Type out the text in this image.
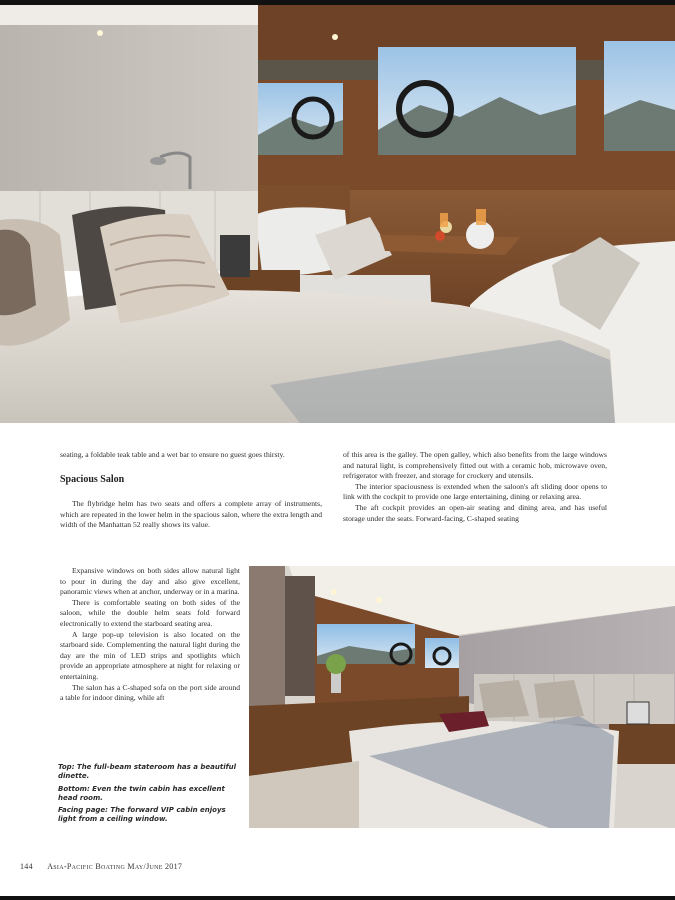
seating, a foldable teak table and a wet bar to ensure no guest goes thirsty.

Spacious Salon

The flybridge helm has two seats and offers a complete array of instruments, which are repeated in the lower helm in the spacious salon, where the extra length and width of the Manhattan 52 really shows its value.

Expansive windows on both sides allow natural light to pour in during the day and also give excellent, panoramic views when at anchor, underway or in a marina.

There is comfortable seating on both sides of the saloon, while the double helm seats fold forward electronically to extend the starboard seating area.

A large pop-up television is also located on the starboard side. Complementing the natural light during the day are the min of LED strips and spotlights which provide an appropriate atmosphere at night for relaxing or entertaining.

The salon has a C-shaped sofa on the port side around a table for indoor dining, while aft

of this area is the galley. The open galley, which also benefits from the large windows and natural light, is comprehensively fitted out with a ceramic hob, microwave oven, refrigerator with freezer, and storage for crockery and utensils.

The interior spaciousness is extended when the saloon's aft sliding door opens to link with the cockpit to provide one large entertaining, dining or relaxing area.

The aft cockpit provides an open-air seating and dining area, and has useful storage under the seats. Forward-facing, C-shaped seating

Top: The full-beam stateroom has a beautiful dinette.

Bottom: Even the twin cabin has excellent head room.

Facing page: The forward VIP cabin enjoys light from a ceiling window.

144 Asia-Pacific Boating May/June 2017
